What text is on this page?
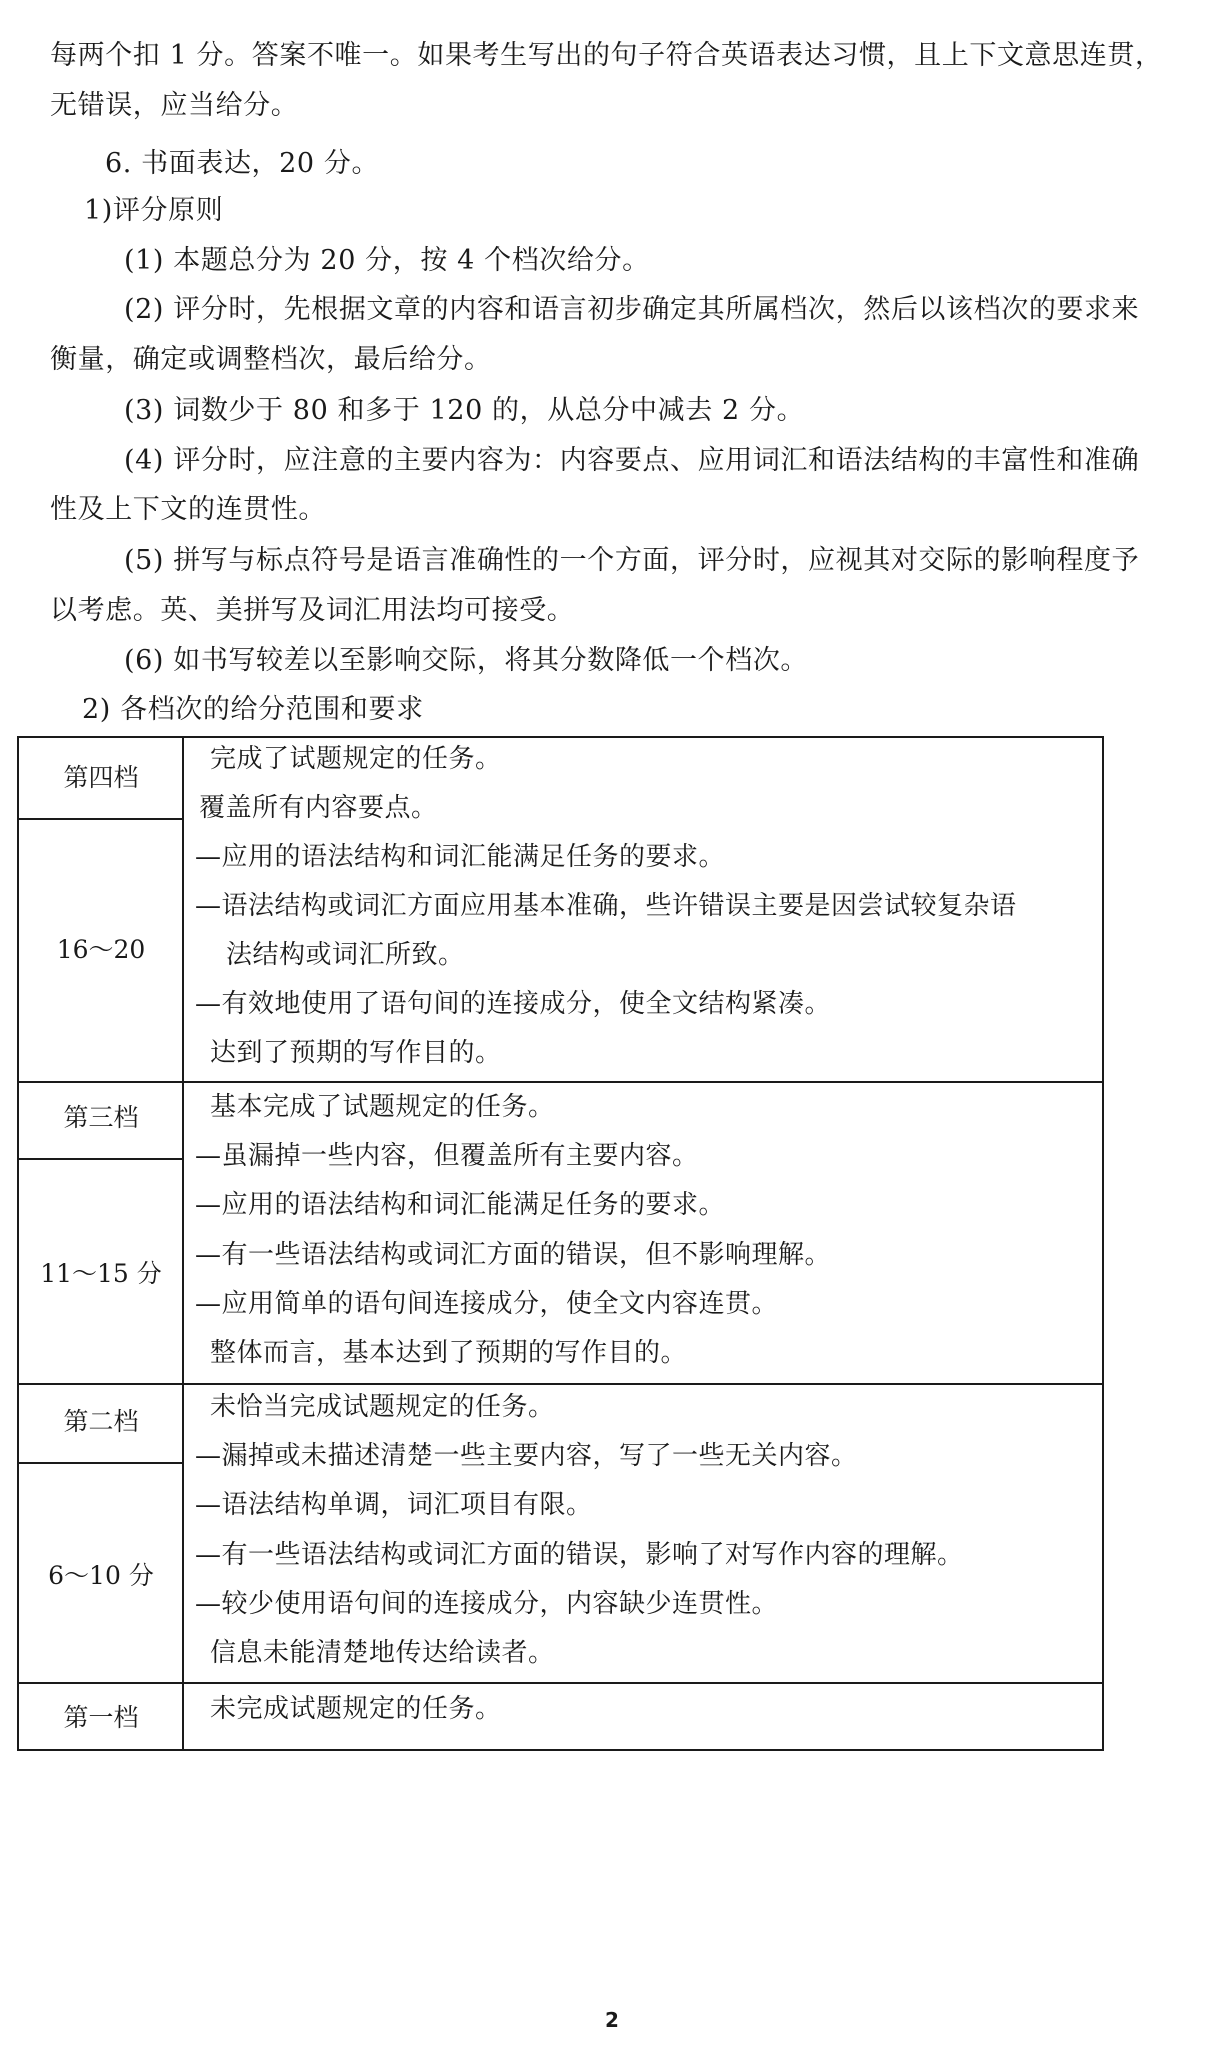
每两个扣 1 分。答案不唯一。如果考生写出的句子符合英语表达习惯，且上下文意思连贯，
无错误，应当给分。
6. 书面表达，20 分。
1)评分原则
(1) 本题总分为 20 分，按 4 个档次给分。
(2) 评分时，先根据文章的内容和语言初步确定其所属档次，然后以该档次的要求来
衡量，确定或调整档次，最后给分。
(3) 词数少于 80 和多于 120 的，从总分中减去 2 分。
(4) 评分时，应注意的主要内容为：内容要点、应用词汇和语法结构的丰富性和准确
性及上下文的连贯性。
(5) 拼写与标点符号是语言准确性的一个方面，评分时，应视其对交际的影响程度予
以考虑。英、美拼写及词汇用法均可接受。
(6) 如书写较差以至影响交际，将其分数降低一个档次。
2) 各档次的给分范围和要求
第四档
16～20
完成了试题规定的任务。
覆盖所有内容要点。
—应用的语法结构和词汇能满足任务的要求。
—语法结构或词汇方面应用基本准确，些许错误主要是因尝试较复杂语
法结构或词汇所致。
—有效地使用了语句间的连接成分，使全文结构紧凑。
达到了预期的写作目的。
第三档
11～15 分
基本完成了试题规定的任务。
—虽漏掉一些内容，但覆盖所有主要内容。
—应用的语法结构和词汇能满足任务的要求。
—有一些语法结构或词汇方面的错误，但不影响理解。
—应用简单的语句间连接成分，使全文内容连贯。
整体而言，基本达到了预期的写作目的。
第二档
6～10 分
未恰当完成试题规定的任务。
—漏掉或未描述清楚一些主要内容，写了一些无关内容。
—语法结构单调，词汇项目有限。
—有一些语法结构或词汇方面的错误，影响了对写作内容的理解。
—较少使用语句间的连接成分，内容缺少连贯性。
信息未能清楚地传达给读者。
第一档	未完成试题规定的任务。
2
